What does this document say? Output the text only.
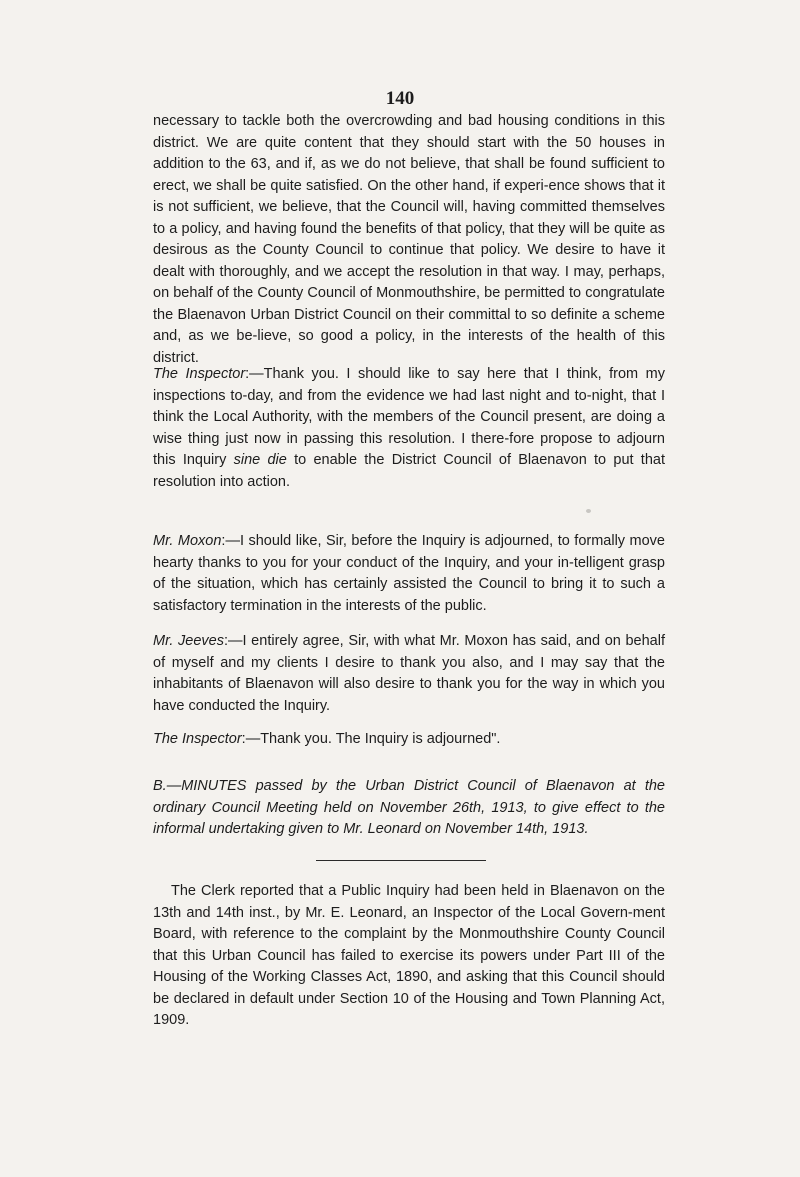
140

necessary to tackle both the overcrowding and bad housing conditions in this district. We are quite content that they should start with the 50 houses in addition to the 63, and if, as we do not believe, that shall be found sufficient to erect, we shall be quite satisfied. On the other hand, if experi-ence shows that it is not sufficient, we believe, that the Council will, having committed themselves to a policy, and having found the benefits of that policy, that they will be quite as desirous as the County Council to continue that policy. We desire to have it dealt with thoroughly, and we accept the resolution in that way. I may, perhaps, on behalf of the County Council of Monmouthshire, be permitted to congratulate the Blaenavon Urban District Council on their committal to so definite a scheme and, as we be-lieve, so good a policy, in the interests of the health of this district.

The Inspector:—Thank you. I should like to say here that I think, from my inspections to-day, and from the evidence we had last night and to-night, that I think the Local Authority, with the members of the Council present, are doing a wise thing just now in passing this resolution. I there-fore propose to adjourn this Inquiry sine die to enable the District Council of Blaenavon to put that resolution into action.

Mr. Moxon:—I should like, Sir, before the Inquiry is adjourned, to formally move hearty thanks to you for your conduct of the Inquiry, and your in-telligent grasp of the situation, which has certainly assisted the Council to bring it to such a satisfactory termination in the interests of the public.

Mr. Jeeves:—I entirely agree, Sir, with what Mr. Moxon has said, and on behalf of myself and my clients I desire to thank you also, and I may say that the inhabitants of Blaenavon will also desire to thank you for the way in which you have conducted the Inquiry.

The Inspector:—Thank you. The Inquiry is adjourned".

B.—MINUTES passed by the Urban District Council of Blaenavon at the ordinary Council Meeting held on November 26th, 1913, to give effect to the informal undertaking given to Mr. Leonard on November 14th, 1913.

The Clerk reported that a Public Inquiry had been held in Blaenavon on the 13th and 14th inst., by Mr. E. Leonard, an Inspector of the Local Govern-ment Board, with reference to the complaint by the Monmouthshire County Council that this Urban Council has failed to exercise its powers under Part III of the Housing of the Working Classes Act, 1890, and asking that this Council should be declared in default under Section 10 of the Housing and Town Planning Act, 1909.
